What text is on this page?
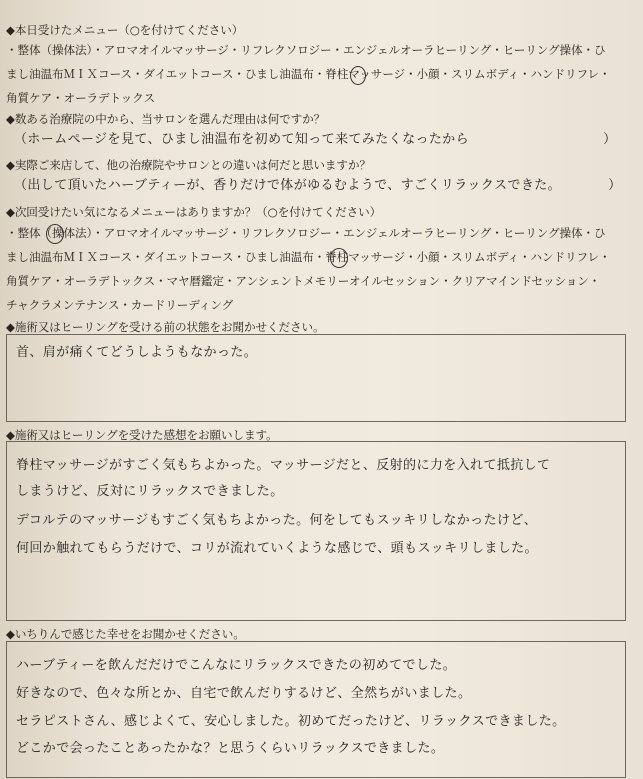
◆本日受けたメニュー（○を付けてください）
・整体（操体法）・アロマオイルマッサージ・リフレクソロジー・エンジェルオーラヒーリング・ヒーリング操体・ひ
まし油温布ＭＩＸコース・ダイエットコース・ひまし油温布・脊柱マッサージ・小顔・スリムボディ・ハンドリフレ・
角質ケア・オーラデトックス
◆数ある治療院の中から、当サロンを選んだ理由は何ですか？
（ホームページを見て、ひまし油温布を初めて知って来てみたくなったから　　　　　　　　　　）
◆実際ご来店して、他の治療院やサロンとの違いは何だと思いますか？
（出して頂いたハーブティーが、香りだけで体がゆるむようで、すごくリラックスできた。　　　　）
◆次回受けたい気になるメニューはありますか？（○を付けてください）
・整体（操体法）・アロマオイルマッサージ・リフレクソロジー・エンジェルオーラヒーリング・ヒーリング操体・ひ
まし油温布ＭＩＸコース・ダイエットコース・ひまし油温布・脊柱マッサージ・小顔・スリムボディ・ハンドリフレ・
角質ケア・オーラデトックス・マヤ暦鑑定・アンシェントメモリーオイルセッション・クリアマインドセッション・
チャクラメンテナンス・カードリーディング
◆施術又はヒーリングを受ける前の状態をお聞かせください。
首、肩が痛くてどうしようもなかった。
◆施術又はヒーリングを受けた感想をお願いします。
脊柱マッサージがすごく気もちよかった。マッサージだと、反射的に力を入れて抵抗して
しまうけど、反対にリラックスできました。
デコルテのマッサージもすごく気もちよかった。何をしてもスッキリしなかったけど、
何回か触れてもらうだけで、コリが流れていくような感じで、頭もスッキリしました。
◆いちりんで感じた幸せをお聞かせください。
ハーブティーを飲んだだけでこんなにリラックスできたの初めてでした。
好きなので、色々な所とか、自宅で飲んだりするけど、全然ちがいました。
セラピストさん、感じよくて、安心しました。初めてだったけど、リラックスできました。
どこかで会ったことあったかな？と思うくらいリラックスできました。
